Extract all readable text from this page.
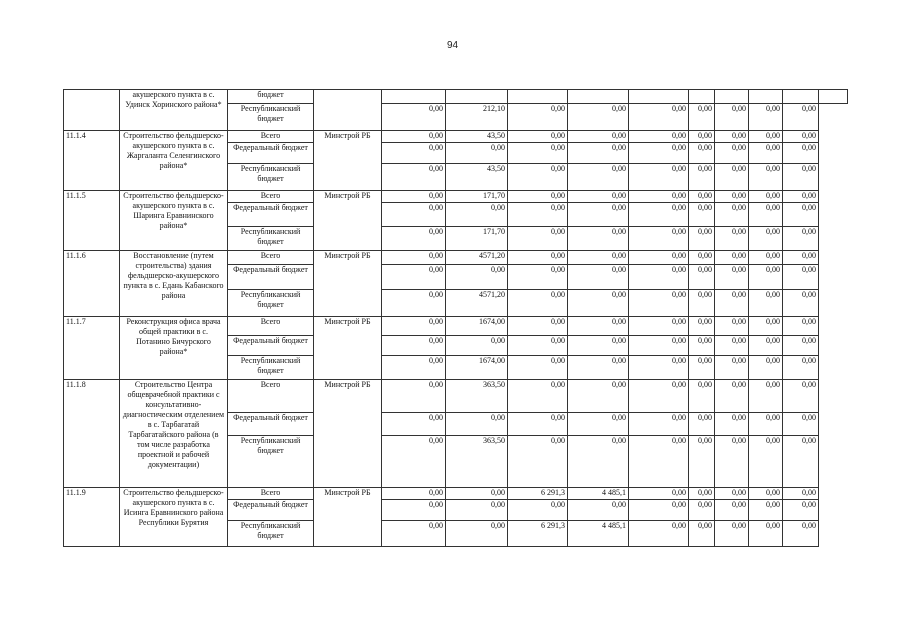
94
	акушерского пункта в с. Удинск Хоринского района*	бюджет											
		Республиканский бюджет		0,00	212,10	0,00	0,00	0,00	0,00	0,00	0,00	0,00	
11.1.4	Строительство фельдшерско-акушерского пункта в с. Жаргаланта Селенгинского района*	Всего	Минстрой РБ	0,00	43,50	0,00	0,00	0,00	0,00	0,00	0,00	0,00	
		Федеральный бюджет		0,00	0,00	0,00	0,00	0,00	0,00	0,00	0,00	0,00	
		Республиканский бюджет		0,00	43,50	0,00	0,00	0,00	0,00	0,00	0,00	0,00	
11.1.5	Строительство фельдшерско-акушерского пункта в с. Шаринга Еравнинского района*	Всего	Минстрой РБ	0,00	171,70	0,00	0,00	0,00	0,00	0,00	0,00	0,00	
		Федеральный бюджет		0,00	0,00	0,00	0,00	0,00	0,00	0,00	0,00	0,00	
		Республиканский бюджет		0,00	171,70	0,00	0,00	0,00	0,00	0,00	0,00	0,00	
11.1.6	Восстановление (путем строительства) здания фельдшерско-акушерского пункта в с. Едань Кабанского района	Всего	Минстрой РБ	0,00	4571,20	0,00	0,00	0,00	0,00	0,00	0,00	0,00	
		Федеральный бюджет		0,00	0,00	0,00	0,00	0,00	0,00	0,00	0,00	0,00	
		Республиканский бюджет		0,00	4571,20	0,00	0,00	0,00	0,00	0,00	0,00	0,00	
11.1.7	Реконструкция офиса врача общей практики в с. Потанино Бичурского района*	Всего	Минстрой РБ	0,00	1674,00	0,00	0,00	0,00	0,00	0,00	0,00	0,00	
		Федеральный бюджет		0,00	0,00	0,00	0,00	0,00	0,00	0,00	0,00	0,00	
		Республиканский бюджет		0,00	1674,00	0,00	0,00	0,00	0,00	0,00	0,00	0,00	
11.1.8	Строительство Центра общеврачебной практики с консультативно-диагностическим отделением в с. Тарбагатай Тарбагатайского района (в том числе разработка проектной и рабочей документации)	Всего	Минстрой РБ	0,00	363,50	0,00	0,00	0,00	0,00	0,00	0,00	0,00	
		Федеральный бюджет		0,00	0,00	0,00	0,00	0,00	0,00	0,00	0,00	0,00	
		Республиканский бюджет		0,00	363,50	0,00	0,00	0,00	0,00	0,00	0,00	0,00	
11.1.9	Строительство фельдшерско-акушерского пункта в с. Исинга Еравнинского района Республики Бурятия	Всего	Минстрой РБ	0,00	0,00	6 291,3	4 485,1	0,00	0,00	0,00	0,00	0,00	
		Федеральный бюджет		0,00	0,00	0,00	0,00	0,00	0,00	0,00	0,00	0,00	
		Республиканский бюджет		0,00	0,00	6 291,3	4 485,1	0,00	0,00	0,00	0,00	0,00	
